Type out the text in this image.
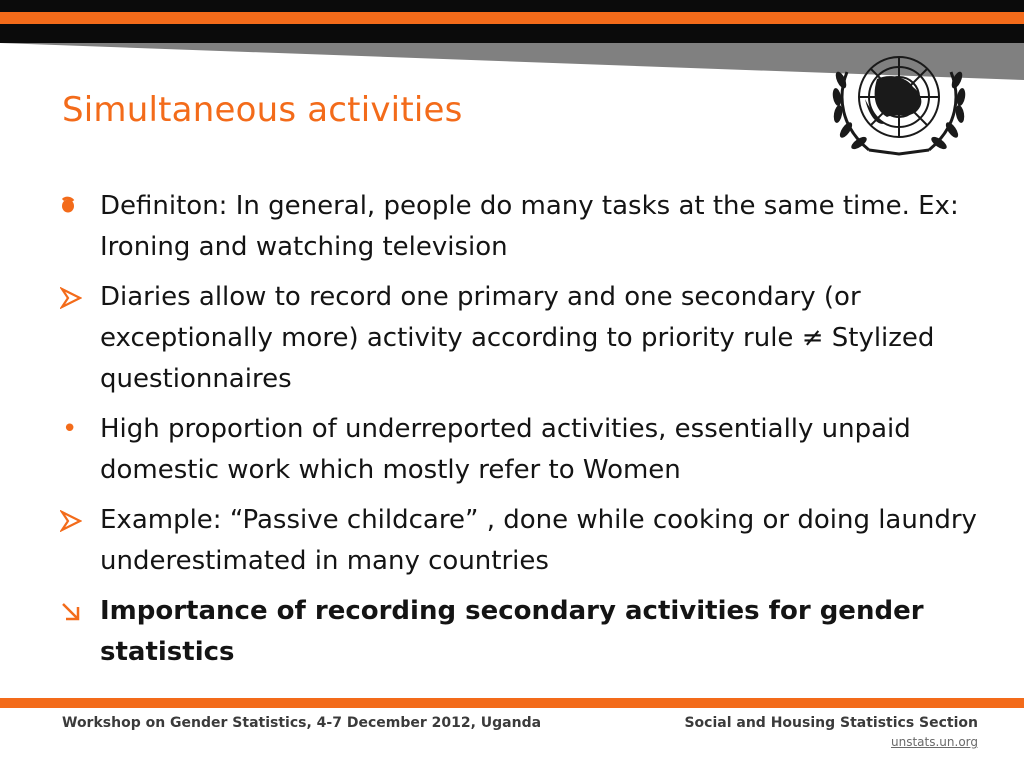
Simultaneous activities
Definiton: In general, people do many tasks at the same time. Ex: Ironing and watching television
Diaries allow to record one primary and one secondary (or exceptionally more) activity according to priority rule ≠ Stylized questionnaires
• High proportion of underreported activities, essentially unpaid domestic work which mostly refer to Women
Example: “Passive childcare” , done while cooking or doing laundry underestimated in many countries
Importance of recording secondary activities for gender statistics

Workshop on Gender Statistics, 4-7 December 2012, Uganda	Social and Housing Statistics Section

unstats.un.org
